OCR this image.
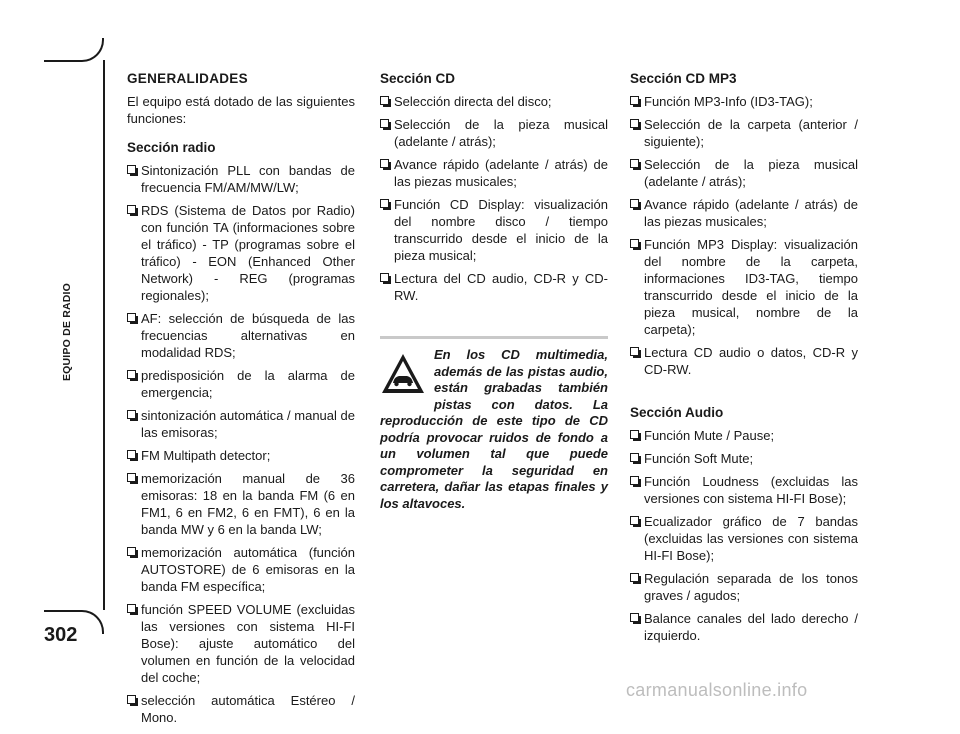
EQUIPO DE RADIO
302
GENERALIDADES
El equipo está dotado de las siguientes funciones:
Sección radio
Sintonización PLL con bandas de frecuencia FM/AM/MW/LW;
RDS (Sistema de Datos por Radio) con función TA (informaciones sobre el tráfico) - TP (programas sobre el tráfico) - EON (Enhanced Other Network) - REG (programas regionales);
AF: selección de búsqueda de las frecuencias alternativas en modalidad RDS;
predisposición de la alarma de emergencia;
sintonización automática / manual de las emisoras;
FM Multipath detector;
memorización manual de 36 emisoras: 18 en la banda FM (6 en FM1, 6 en FM2, 6 en FMT), 6 en la banda MW y 6 en la banda LW;
memorización automática (función AUTOSTORE) de 6 emisoras en la banda FM específica;
función SPEED VOLUME (excluidas las versiones con sistema HI-FI Bose): ajuste automático del volumen en función de la velocidad del coche;
selección automática Estéreo / Mono.
Sección CD
Selección directa del disco;
Selección de la pieza musical (adelante / atrás);
Avance rápido (adelante / atrás) de las piezas musicales;
Función CD Display: visualización del nombre disco / tiempo transcurrido desde el inicio de la pieza musical;
Lectura del CD audio, CD-R y CD-RW.
En los CD multimedia, además de las pistas audio, están grabadas también pistas con datos. La reproducción de este tipo de CD podría provocar ruidos de fondo a un volumen tal que puede comprometer la seguridad en carretera, dañar las etapas finales y los altavoces.
Sección CD MP3
Función MP3-Info (ID3-TAG);
Selección de la carpeta (anterior / siguiente);
Selección de la pieza musical (adelante / atrás);
Avance rápido (adelante / atrás) de las piezas musicales;
Función MP3 Display: visualización del nombre de la carpeta, informaciones ID3-TAG, tiempo transcurrido desde el inicio de la pieza musical, nombre de la carpeta);
Lectura CD audio o datos, CD-R y CD-RW.
Sección Audio
Función Mute / Pause;
Función Soft Mute;
Función Loudness (excluidas las versiones con sistema HI-FI Bose);
Ecualizador gráfico de 7 bandas (excluidas las versiones con sistema HI-FI Bose);
Regulación separada de los tonos graves / agudos;
Balance canales del lado derecho / izquierdo.
carmanualsonline.info
